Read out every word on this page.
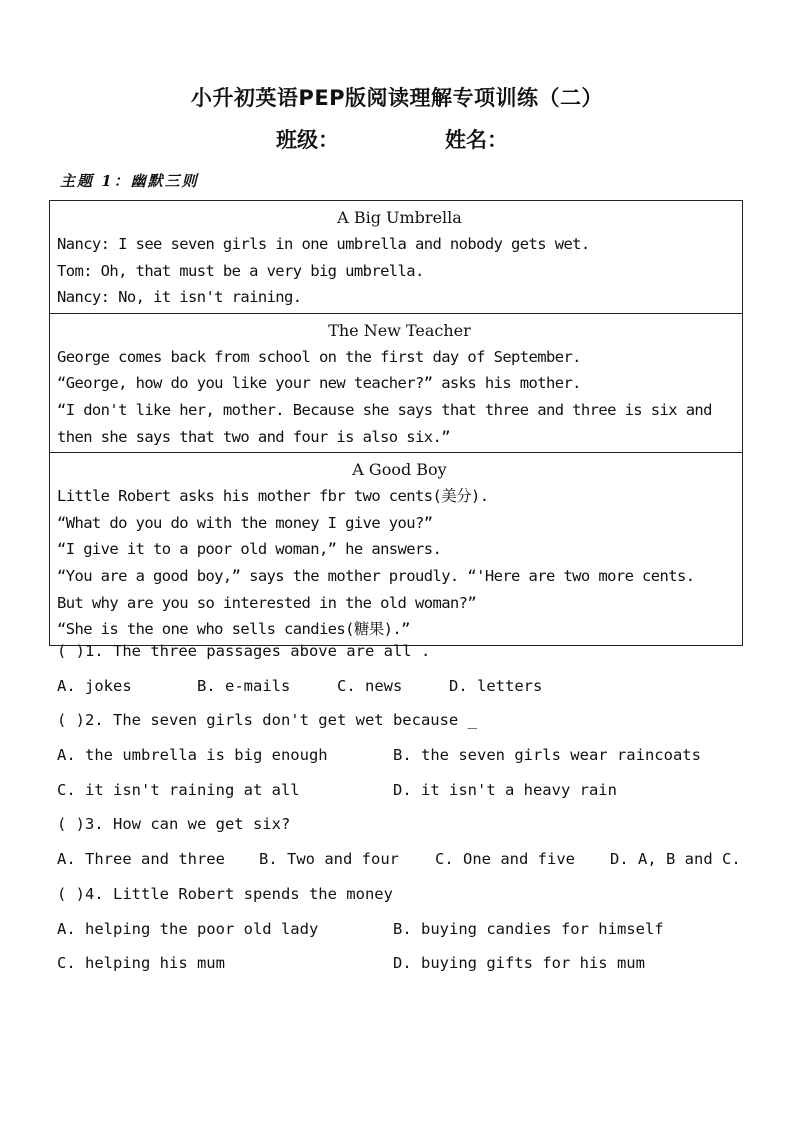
小升初英语PEP版阅读理解专项训练（二）
班级：	姓名：
主题 1：幽默三则
A Big Umbrella
Nancy: I see seven girls in one umbrella and nobody gets wet.
Tom: Oh, that must be a very big umbrella.
Nancy: No, it isn't raining.
The New Teacher
George comes back from school on the first day of September.
“George, how do you like your new teacher?” asks his mother.
“I don't like her, mother. Because she says that three and three is six and
then she says that two and four is also six.”
A Good Boy
Little Robert asks his mother fbr two cents(美分).
“What do you do with the money I give you?”
“I give it to a poor old woman,” he answers.
“You are a good boy,” says the mother proudly. “'Here are two more cents.
But why are you so interested in the old woman?”
“She is the one who sells candies(糖果).”
( )1. The three passages above are all .
A. jokes	B. e-mails	C. news	D. letters
( )2. The seven girls don't get wet because _
A. the umbrella is big enough	B. the seven girls wear raincoats
C. it isn't raining at all	D. it isn't a heavy rain
( )3. How can we get six?
A. Three and three B. Two and four C. One and five D. A, B and C.
( )4. Little Robert spends the money
A. helping the poor old lady	B. buying candies for himself
C. helping his mum	D. buying gifts for his mum
